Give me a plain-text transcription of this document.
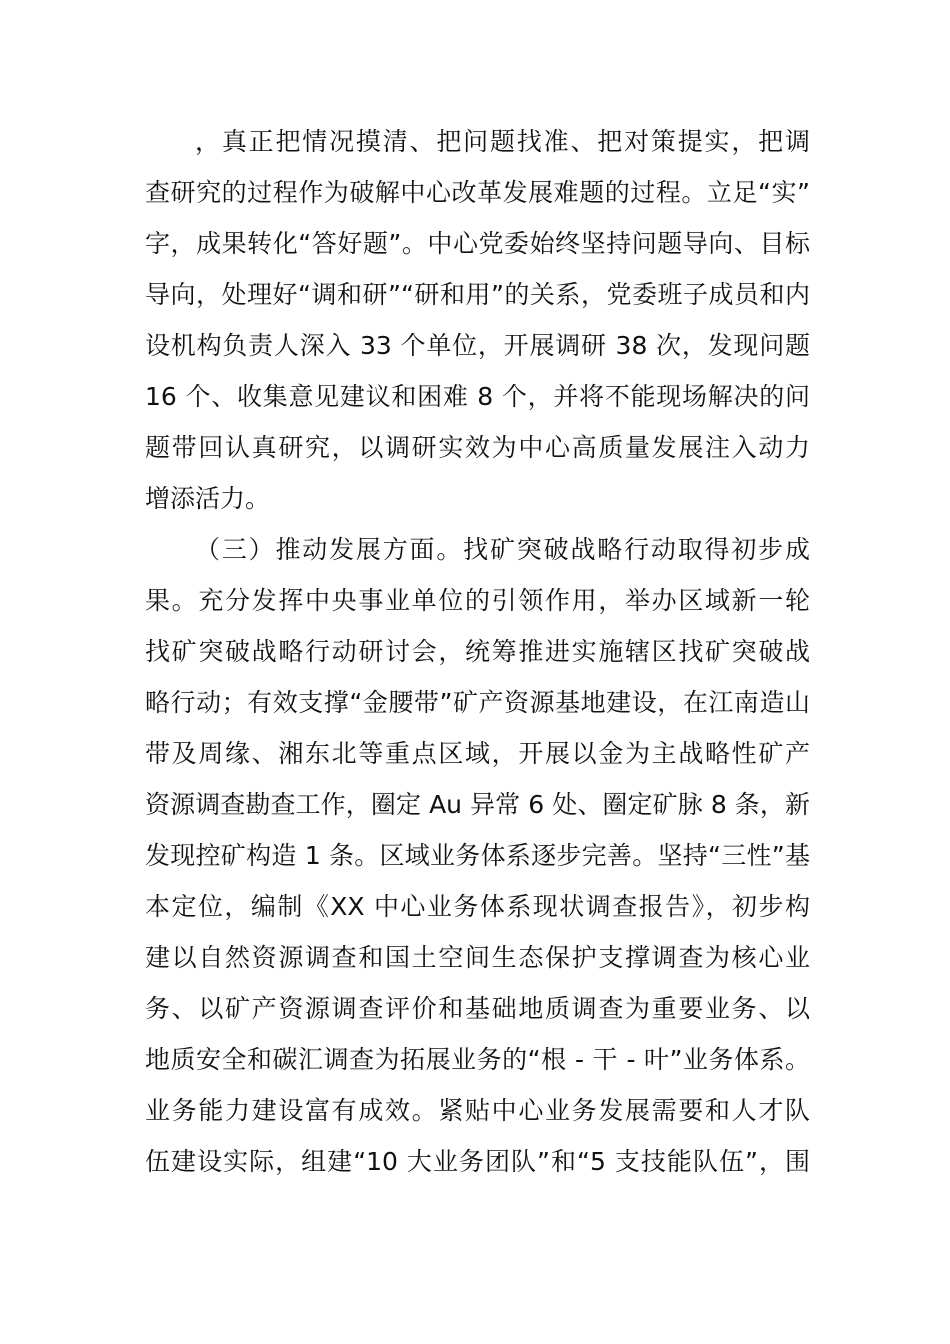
，真正把情况摸清、把问题找准、把对策提实，把调
查研究的过程作为破解中心改革发展难题的过程。立足“实”
字，成果转化“答好题”。中心党委始终坚持问题导向、目标
导向，处理好“调和研”“研和用”的关系，党委班子成员和内
设机构负责人深入 33 个单位，开展调研 38 次，发现问题
16 个、收集意见建议和困难 8 个，并将不能现场解决的问
题带回认真研究，以调研实效为中心高质量发展注入动力
增添活力。
（三）推动发展方面。找矿突破战略行动取得初步成
果。充分发挥中央事业单位的引领作用，举办区域新一轮
找矿突破战略行动研讨会，统筹推进实施辖区找矿突破战
略行动；有效支撑“金腰带”矿产资源基地建设，在江南造山
带及周缘、湘东北等重点区域，开展以金为主战略性矿产
资源调查勘查工作，圈定 Au 异常 6 处、圈定矿脉 8 条，新
发现控矿构造 1 条。区域业务体系逐步完善。坚持“三性”基
本定位，编制《XX 中心业务体系现状调查报告》，初步构
建以自然资源调查和国土空间生态保护支撑调查为核心业
务、以矿产资源调查评价和基础地质调查为重要业务、以
地质安全和碳汇调查为拓展业务的“根 - 干 - 叶”业务体系。
业务能力建设富有成效。紧贴中心业务发展需要和人才队
伍建设实际，组建“10 大业务团队”和“5 支技能队伍”，围
